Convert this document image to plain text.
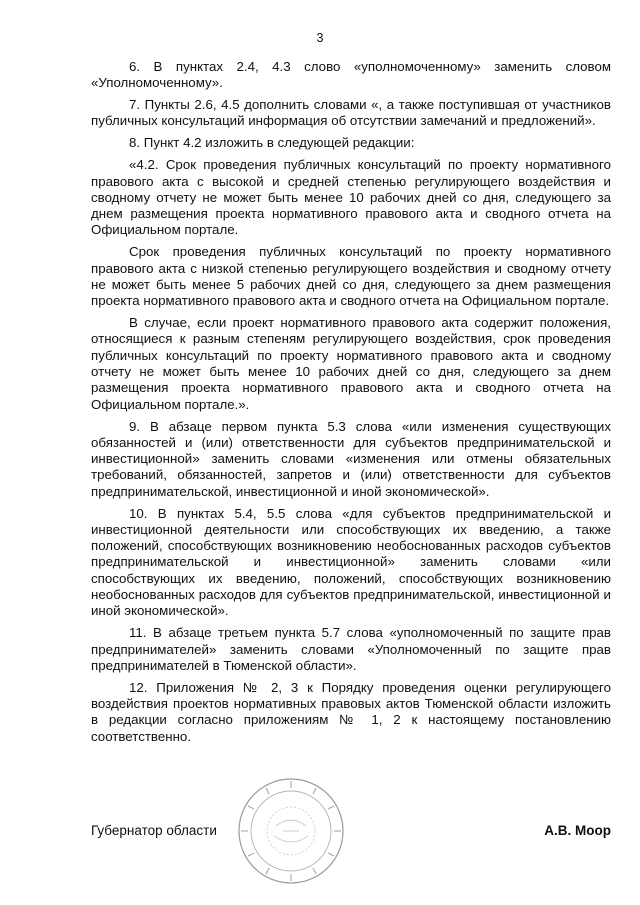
3

6. В пунктах 2.4, 4.3 слово «уполномоченному» заменить словом «Уполномоченному».

7. Пункты 2.6, 4.5 дополнить словами «, а также поступившая от участников публичных консультаций информация об отсутствии замечаний и предложений».

8. Пункт 4.2 изложить в следующей редакции:

«4.2. Срок проведения публичных консультаций по проекту нормативного правового акта с высокой и средней степенью регулирующего воздействия и сводному отчету не может быть менее 10 рабочих дней со дня, следующего за днем размещения проекта нормативного правового акта и сводного отчета на Официальном портале.

Срок проведения публичных консультаций по проекту нормативного правового акта с низкой степенью регулирующего воздействия и сводному отчету не может быть менее 5 рабочих дней со дня, следующего за днем размещения проекта нормативного правового акта и сводного отчета на Официальном портале.

В случае, если проект нормативного правового акта содержит положения, относящиеся к разным степеням регулирующего воздействия, срок проведения публичных консультаций по проекту нормативного правового акта и сводному отчету не может быть менее 10 рабочих дней со дня, следующего за днем размещения проекта нормативного правового акта и сводного отчета на Официальном портале.».

9. В абзаце первом пункта 5.3 слова «или изменения существующих обязанностей и (или) ответственности для субъектов предпринимательской и инвестиционной» заменить словами «изменения или отмены обязательных требований, обязанностей, запретов и (или) ответственности для субъектов предпринимательской, инвестиционной и иной экономической».

10. В пунктах 5.4, 5.5 слова «для субъектов предпринимательской и инвестиционной деятельности или способствующих их введению, а также положений, способствующих возникновению необоснованных расходов субъектов предпринимательской и инвестиционной» заменить словами «или способствующих их введению, положений, способствующих возникновению необоснованных расходов для субъектов предпринимательской, инвестиционной и иной экономической».

11. В абзаце третьем пункта 5.7 слова «уполномоченный по защите прав предпринимателей» заменить словами «Уполномоченный по защите прав предпринимателей в Тюменской области».

12. Приложения № 2, 3 к Порядку проведения оценки регулирующего воздействия проектов нормативных правовых актов Тюменской области изложить в редакции согласно приложениям № 1, 2 к настоящему постановлению соответственно.

Губернатор области	А.В. Моор
